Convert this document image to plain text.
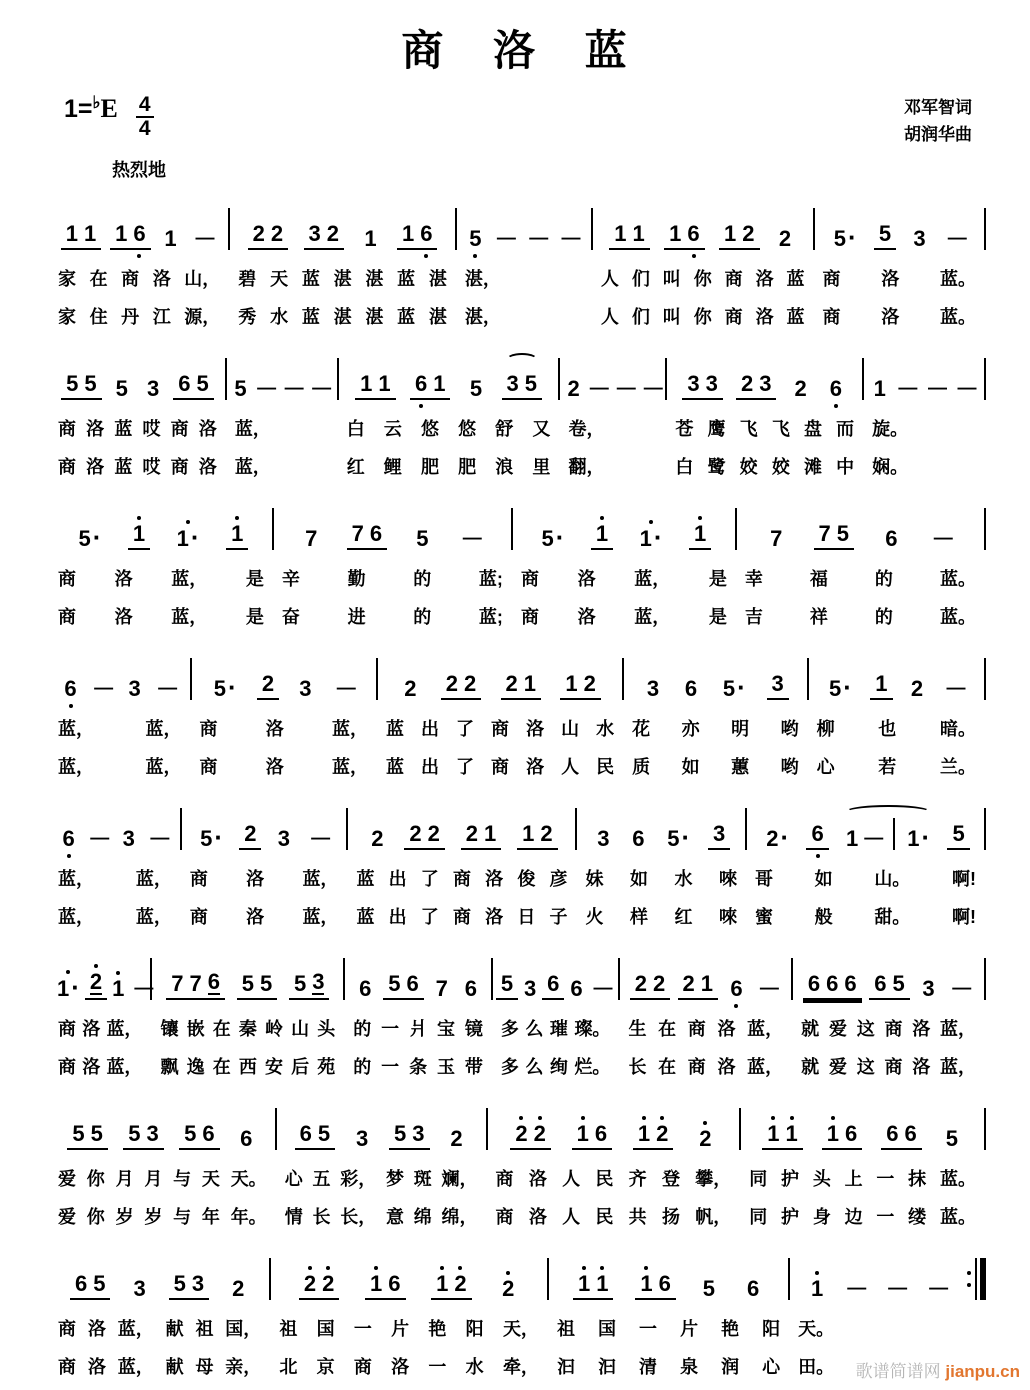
商 洛 蓝
1= ♭ E $\frac{4}{4}$	邓军智词
胡润华曲
热烈地
1 1 1 6 1 —
家 在 商 洛 山，
家 住 丹 江 源，
2 2 3 2 1 1 6
碧 天 蓝 湛 湛 蓝 湛
秀 水 蓝 湛 湛 蓝 湛
5 — — —
湛，
湛，
1 1 1 6 1 2 2
人 们 叫 你 商 洛 蓝
人 们 叫 你 商 洛 蓝
5 · 5 3 —
商 洛 蓝。
商 洛 蓝。
5 5 5 3 6 5
商 洛 蓝 哎 商 洛
商 洛 蓝 哎 商 洛
5 — — —
蓝，
蓝，
1 1 6 1 5 3 5
白 云 悠 悠 舒 又
红 鲤 肥 肥 浪 里
2 — — —
卷，
翻，
3 3 2 3 2 6
苍 鹰 飞 飞 盘 而
白 鹭 姣 姣 滩 中
1 — — —
旋。
娴。
5 · 1 1 · 1
商 洛 蓝， 是
商 洛 蓝， 是
7 7 6 5 —
辛	勤	的	蓝;
奋	进	的	蓝;
5 · 1 1 · 1
商 洛 蓝， 是
商 洛 蓝， 是
7 7 5 6 —
幸	福	的	蓝。
吉	祥	的	蓝。
6 — 3 —
蓝，	蓝，
蓝，	蓝，
5 · 2 3 —
商	洛	蓝，
商	洛	蓝，
2 2 2 2 1 1 2
蓝 出 了 商 洛 山 水
蓝 出 了 商 洛 人 民
3 6 5 · 3
花 亦 明 哟
质 如 蕙 哟
5 · 1 2 —
柳 也 暗。
心 若 兰。
6 — 3 —
蓝， 蓝，
蓝， 蓝，
5 · 2 3 —
商 洛 蓝，
商 洛 蓝，
2 2 2 2 1 1 2
蓝 出 了 商 洛 俊 彦
蓝 出 了 商 洛 日 子
3 6 5 · 3
妹 如 水 唻
火 样 红 唻
2 · 6 1 — 1 · 5
哥 如 山。 啊!
蜜 般 甜。 啊!
1 · 2 1 —
商 洛 蓝，
商 洛 蓝，
7 7 6 5 5 5 3
镶 嵌 在 秦 岭 山 头
飘 逸 在 西 安 后 苑
6 5 6 7 6
的 一 爿 宝 镜
的 一 条 玉 带
5 3 6 6 —
多 么 璀 璨。
多 么 绚 烂。
2 2 2 1 6 —
生 在 商 洛 蓝，
长 在 商 洛 蓝，
6 6 6 6 5 3 —
就 爱 这 商 洛 蓝，
就 爱 这 商 洛 蓝，
5 5 5 3 5 6 6
爱 你 月 月 与 天 天。
爱 你 岁 岁 与 年 年。
6 5 3 5 3 2
心 五 彩， 梦 斑 斓，
情 长 长， 意 绵 绵，
2 2 1 6 1 2 2
商 洛 人 民 齐 登 攀，
商 洛 人 民 共 扬 帆，
1 1 1 6 6 6 5
同 护 头 上 一 抹 蓝。
同 护 身 边 一 缕 蓝。
6 5 3 5 3 2
商 洛 蓝， 献 祖 国，
商 洛 蓝， 献 母 亲，
2 2 1 6 1 2 2
祖 国 一 片 艳 阳 天，
北 京 商 洛 一 水 牵，
1 1 1 6 5 6
祖 国 一 片 艳 阳
汩 汩 清 泉 润 心
1 — — —
天。
田。 歌谱简谱网 jianpu.cn
